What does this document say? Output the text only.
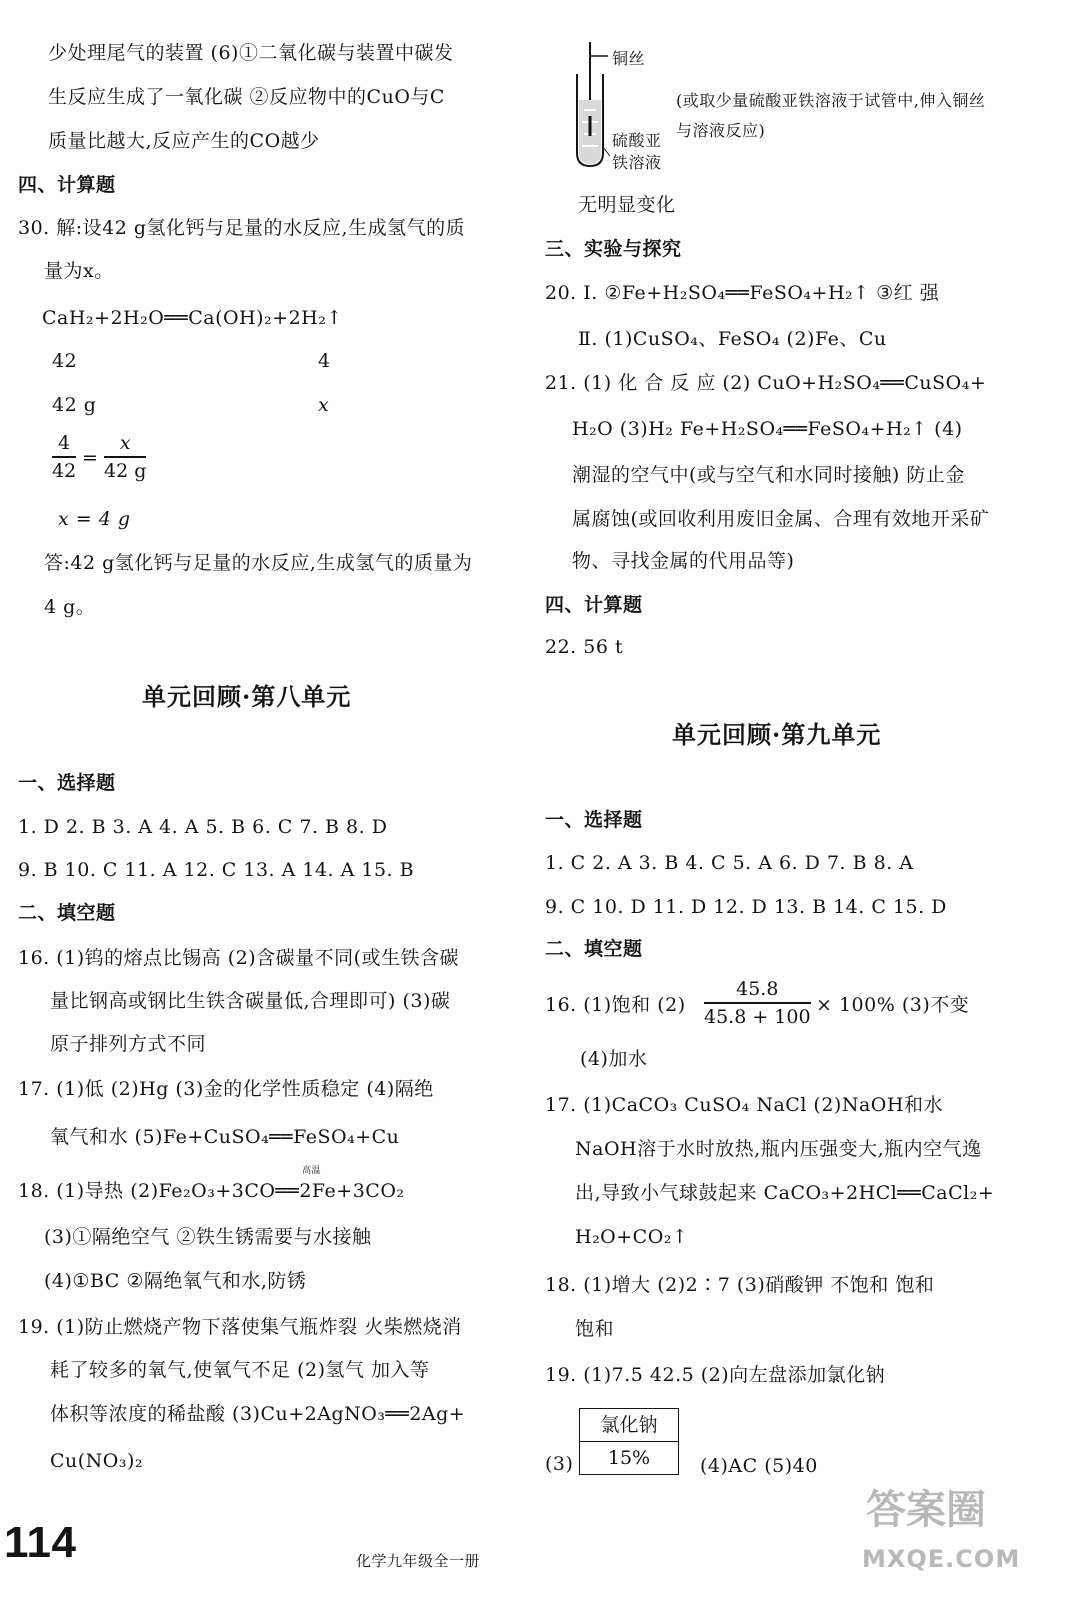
少处理尾气的装置 (6)①二氧化碳与装置中碳发
生反应生成了一氧化碳 ②反应物中的CuO与C
质量比越大,反应产生的CO越少
四、计算题
30. 解:设42 g氢化钙与足量的水反应,生成氢气的质
量为x。
CaH₂+2H₂O══Ca(OH)₂+2H₂↑
42	4
42 g	x
4
42
=
x
42 g
x = 4 g
答:42 g氢化钙与足量的水反应,生成氢气的质量为
4 g。
单元回顾·第八单元
一、选择题
1. D 2. B 3. A 4. A 5. B 6. C 7. B 8. D
9. B 10. C 11. A 12. C 13. A 14. A 15. B
二、填空题
16. (1)钨的熔点比锡高 (2)含碳量不同(或生铁含碳
量比钢高或钢比生铁含碳量低,合理即可) (3)碳
原子排列方式不同
17. (1)低 (2)Hg (3)金的化学性质稳定 (4)隔绝
氧气和水 (5)Fe+CuSO₄══FeSO₄+Cu
18. (1)导热 (2)Fe₂O₃+3CO══2Fe+3CO₂
高温
(3)①隔绝空气 ②铁生锈需要与水接触
(4)①BC ②隔绝氧气和水,防锈
19. (1)防止燃烧产物下落使集气瓶炸裂 火柴燃烧消
耗了较多的氧气,使氧气不足 (2)氢气 加入等
体积等浓度的稀盐酸 (3)Cu+2AgNO₃══2Ag+
Cu(NO₃)₂
铜丝
硫酸亚
铁溶液
(或取少量硫酸亚铁溶液于试管中,伸入铜丝
与溶液反应)
无明显变化
三、实验与探究
20. Ⅰ. ②Fe+H₂SO₄══FeSO₄+H₂↑ ③红 强
Ⅱ. (1)CuSO₄、FeSO₄ (2)Fe、Cu
21. (1) 化 合 反 应 (2) CuO+H₂SO₄══CuSO₄+
H₂O (3)H₂ Fe+H₂SO₄══FeSO₄+H₂↑ (4)
潮湿的空气中(或与空气和水同时接触) 防止金
属腐蚀(或回收利用废旧金属、合理有效地开采矿
物、寻找金属的代用品等)
四、计算题
22. 56 t
单元回顾·第九单元
一、选择题
1. C 2. A 3. B 4. C 5. A 6. D 7. B 8. A
9. C 10. D 11. D 12. D 13. B 14. C 15. D
二、填空题
16. (1)饱和 (2)
45.8
45.8 + 100
× 100% (3)不变
(4)加水
17. (1)CaCO₃ CuSO₄ NaCl (2)NaOH和水
NaOH溶于水时放热,瓶内压强变大,瓶内空气逸
出,导致小气球鼓起来 CaCO₃+2HCl══CaCl₂+
H₂O+CO₂↑
18. (1)增大 (2)2∶7 (3)硝酸钾 不饱和 饱和
饱和
19. (1)7.5 42.5 (2)向左盘添加氯化钠
(3)
氯化钠
15%	(4)AC (5)40
114	化学九年级全一册
答案圈
MXQE.COM
